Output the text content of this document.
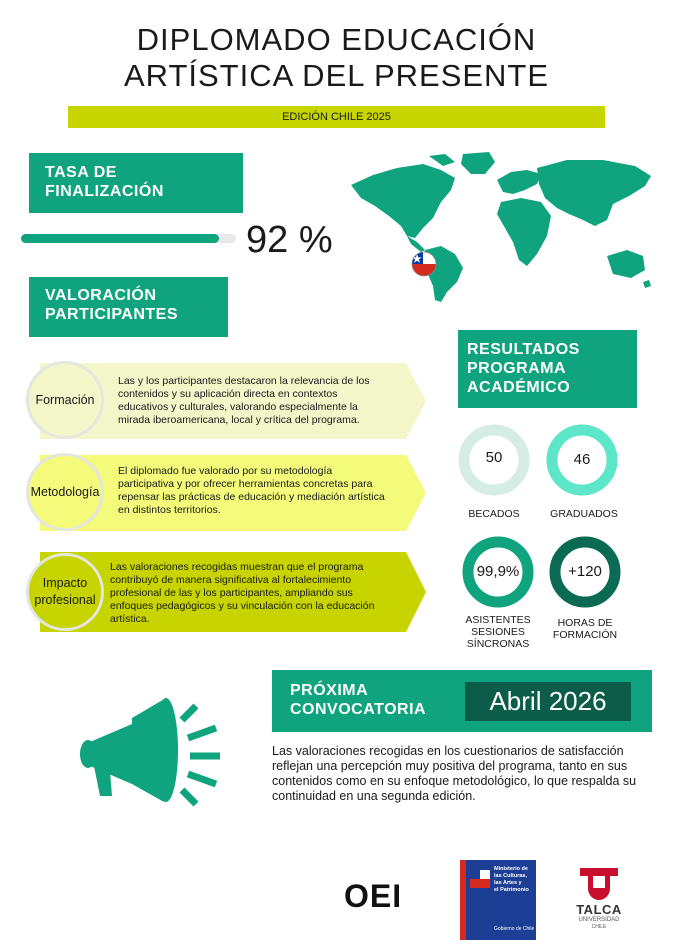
DIPLOMADO EDUCACIÓN
ARTÍSTICA DEL PRESENTE
EDICIÓN CHILE 2025
TASA DE
FINALIZACIÓN
92 %
VALORACIÓN
PARTICIPANTES
Formación
Las y los participantes destacaron la relevancia de los
contenidos y su aplicación directa en contextos
educativos y culturales, valorando especialmente la
mirada iberoamericana, local y crítica del programa.
Metodología
El diplomado fue valorado por su metodología
participativa y por ofrecer herramientas concretas para
repensar las prácticas de educación y mediación artística
en distintos territorios.
Impacto
profesional
Las valoraciones recogidas muestran que el programa
contribuyó de manera significativa al fortalecimiento
profesional de las y los participantes, ampliando sus
enfoques pedagógicos y su vinculación con la educación
artística.
RESULTADOS
PROGRAMA
ACADÉMICO
50
BECADOS
46
GRADUADOS
99,9%
ASISTENTES
SESIONES
SÍNCRONAS
+120
HORAS DE
FORMACIÓN
PRÓXIMA
CONVOCATORIA	Abril 2026
Las valoraciones recogidas en los cuestionarios de satisfacción reflejan una percepción muy positiva del programa, tanto en sus contenidos como en su enfoque metodológico, lo que respalda su continuidad en una segunda edición.
OEI
Ministerio de
las Culturas,
las Artes y
el Patrimonio
Gobierno de Chile
TALCA
UNIVERSIDAD
CHILE
